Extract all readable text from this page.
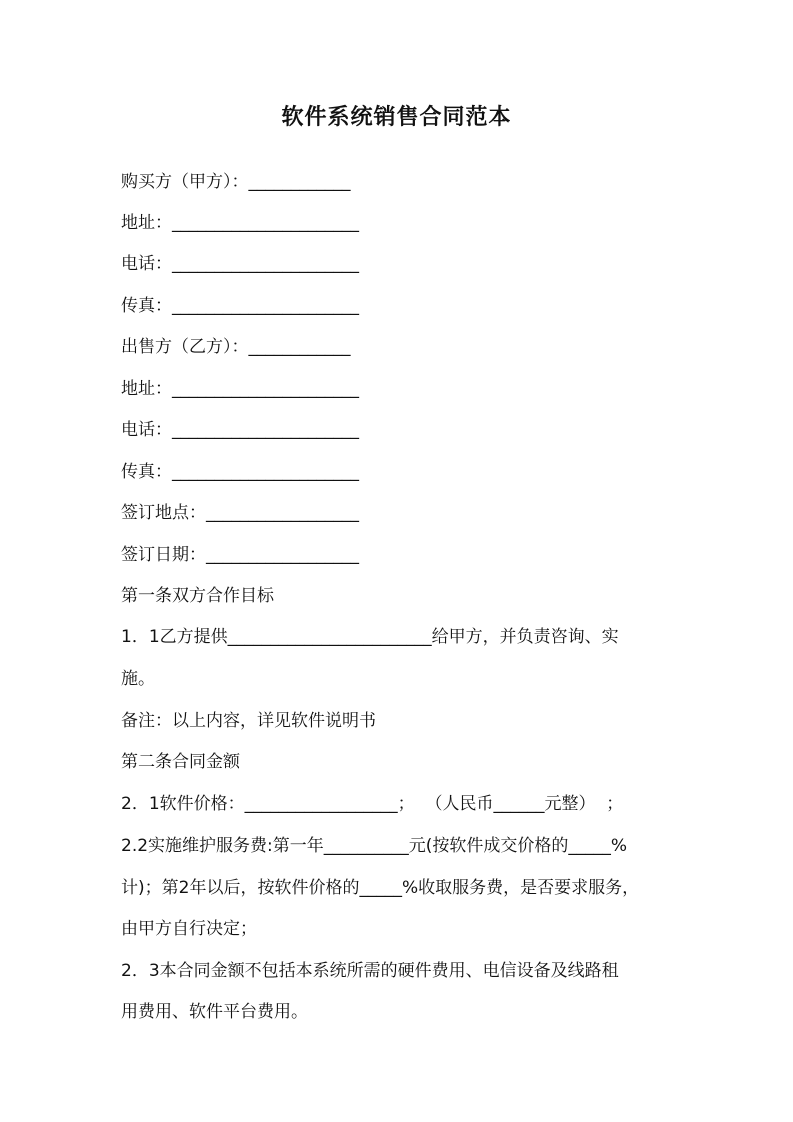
软件系统销售合同范本
购买方（甲方）：____________
地址：______________________
电话：______________________
传真：______________________
出售方（乙方）：____________
地址：______________________
电话：______________________
传真：______________________
签订地点：__________________
签订日期：__________________
第一条双方合作目标
1．1乙方提供________________________给甲方，并负责咨询、实
施。
备注：以上内容，详见软件说明书
第二条合同金额
2．1软件价格：__________________；  （人民币______元整）  ；
2.2实施维护服务费:第一年__________元(按软件成交价格的_____%
计)；第2年以后，按软件价格的_____%收取服务费，是否要求服务，
由甲方自行决定；
2．3本合同金额不包括本系统所需的硬件费用、电信设备及线路租
用费用、软件平台费用。
